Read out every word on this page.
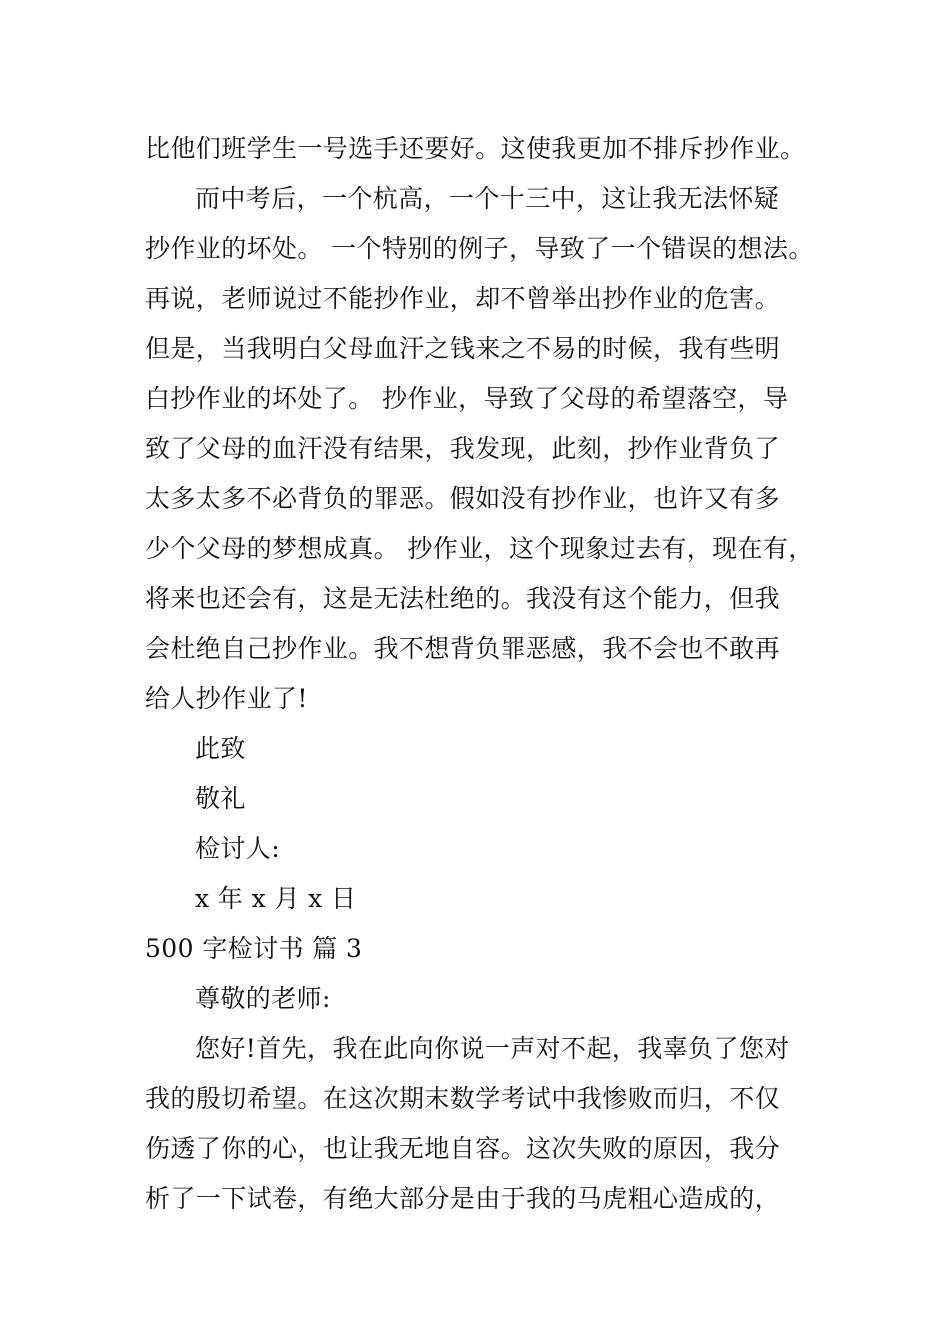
比他们班学生一号选手还要好。这使我更加不排斥抄作业。
而中考后，一个杭高，一个十三中，这让我无法怀疑
抄作业的坏处。 一个特别的例子，导致了一个错误的想法。
再说，老师说过不能抄作业，却不曾举出抄作业的危害。
但是，当我明白父母血汗之钱来之不易的时候，我有些明
白抄作业的坏处了。 抄作业，导致了父母的希望落空，导
致了父母的血汗没有结果，我发现，此刻，抄作业背负了
太多太多不必背负的罪恶。假如没有抄作业，也许又有多
少个父母的梦想成真。 抄作业，这个现象过去有，现在有，
将来也还会有，这是无法杜绝的。我没有这个能力，但我
会杜绝自己抄作业。我不想背负罪恶感，我不会也不敢再
给人抄作业了!
此致
敬礼
检讨人:
x 年 x 月 x 日
500 字检讨书 篇 3
尊敬的老师:
您好!首先，我在此向你说一声对不起，我辜负了您对
我的殷切希望。在这次期末数学考试中我惨败而归，不仅
伤透了你的心，也让我无地自容。这次失败的原因，我分
析了一下试卷，有绝大部分是由于我的马虎粗心造成的，
